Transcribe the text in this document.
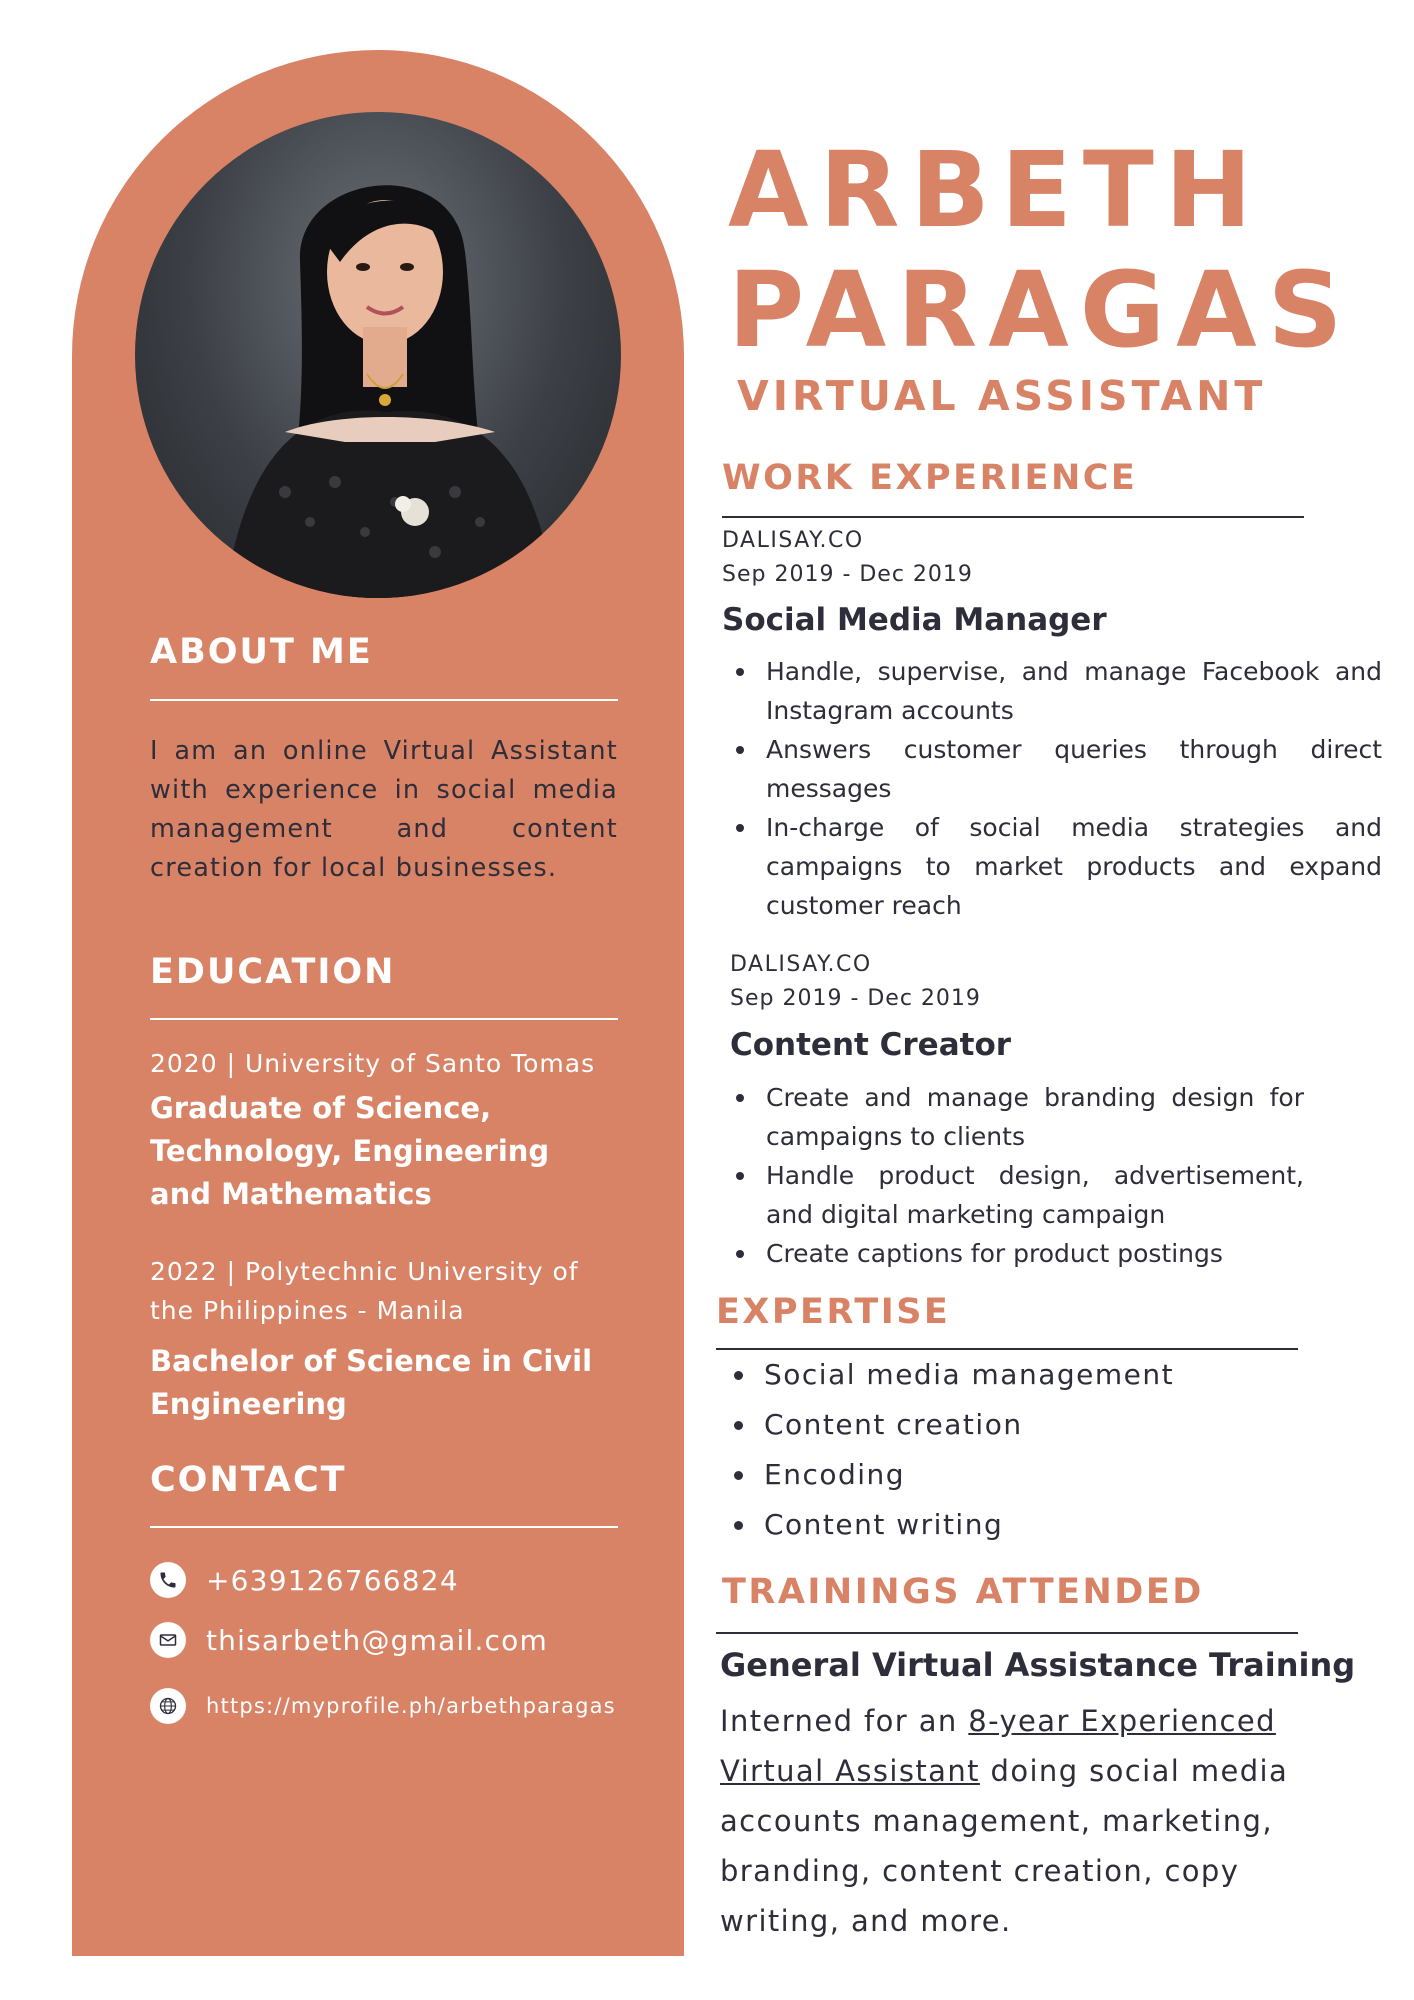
ABOUT ME
I am an online Virtual Assistant with experience in social media management and content creation for local businesses.
EDUCATION
2020 | University of Santo Tomas
Graduate of Science, Technology, Engineering and Mathematics
2022 | Polytechnic University of the Philippines - Manila
Bachelor of Science in Civil Engineering
CONTACT
+639126766824
thisarbeth@gmail.com
https://myprofile.ph/arbethparagas
ARBETH
PARAGAS
VIRTUAL ASSISTANT
WORK EXPERIENCE
DALISAY.CO
Sep 2019 - Dec 2019
Social Media Manager
Handle, supervise, and manage Facebook and Instagram accounts
Answers customer queries through direct messages
In-charge of social media strategies and campaigns to market products and expand customer reach
DALISAY.CO
Sep 2019 - Dec 2019
Content Creator
Create and manage branding design for campaigns to clients
Handle product design, advertisement, and digital marketing campaign
Create captions for product postings
EXPERTISE
Social media management
Content creation
Encoding
Content writing
TRAININGS ATTENDED
General Virtual Assistance Training
Interned for an 8-year Experienced Virtual Assistant doing social media accounts management, marketing, branding, content creation, copy writing, and more.
